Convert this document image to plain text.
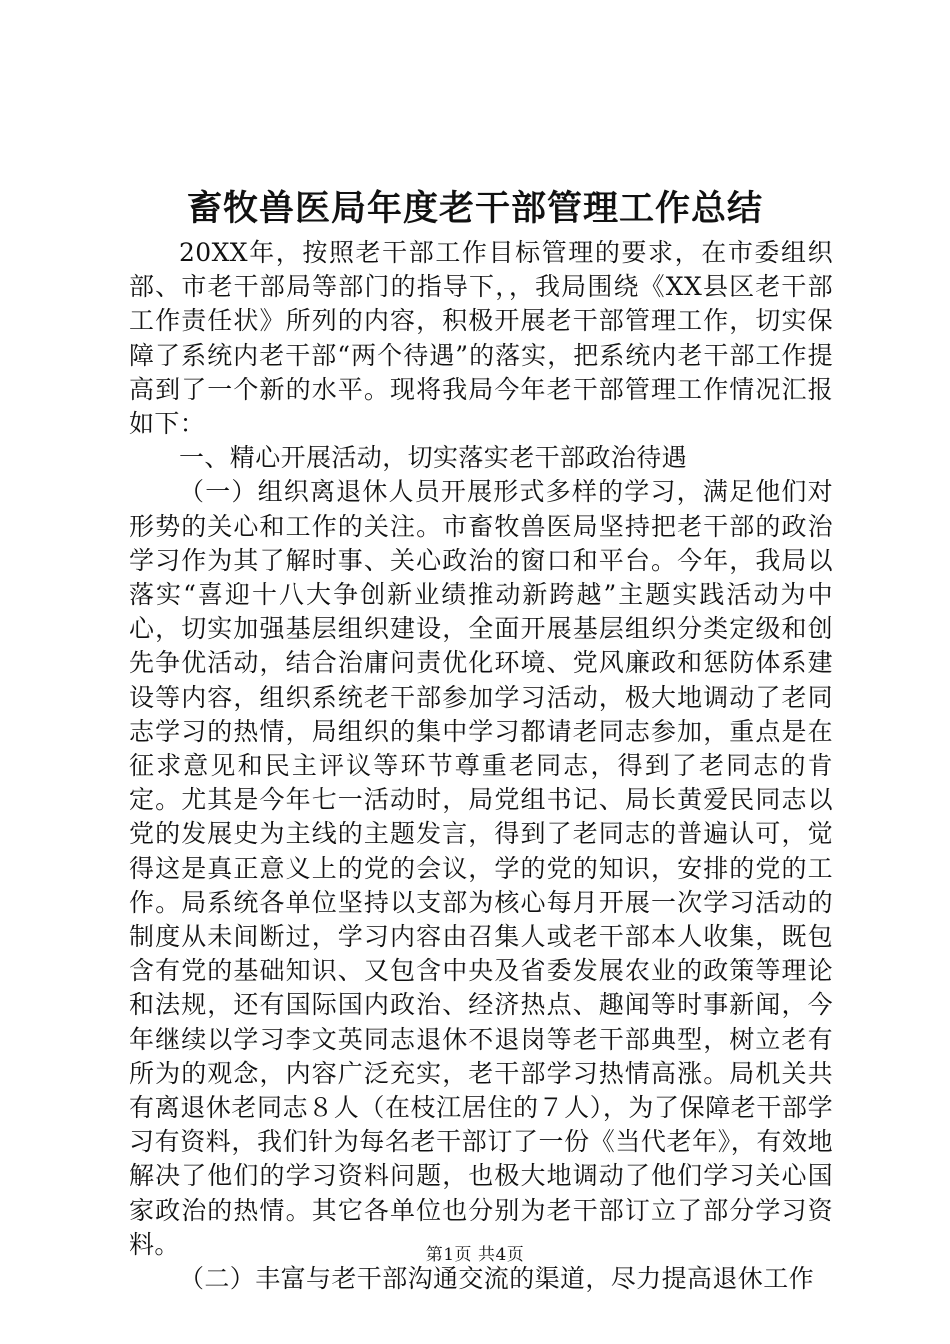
畜牧兽医局年度老干部管理工作总结

20XX年，按照老干部工作目标管理的要求，在市委组织部、市老干部局等部门的指导下，，我局围绕《XX县区老干部工作责任状》所列的内容，积极开展老干部管理工作，切实保障了系统内老干部“两个待遇”的落实，把系统内老干部工作提高到了一个新的水平。现将我局今年老干部管理工作情况汇报如下：

一、精心开展活动，切实落实老干部政治待遇

（一）组织离退休人员开展形式多样的学习，满足他们对形势的关心和工作的关注。市畜牧兽医局坚持把老干部的政治学习作为其了解时事、关心政治的窗口和平台。今年，我局以落实“喜迎十八大争创新业绩推动新跨越”主题实践活动为中心，切实加强基层组织建设，全面开展基层组织分类定级和创先争优活动，结合治庸问责优化环境、党风廉政和惩防体系建设等内容，组织系统老干部参加学习活动，极大地调动了老同志学习的热情，局组织的集中学习都请老同志参加，重点是在征求意见和民主评议等环节尊重老同志，得到了老同志的肯定。尤其是今年七一活动时，局党组书记、局长黄爱民同志以党的发展史为主线的主题发言，得到了老同志的普遍认可，觉得这是真正意义上的党的会议，学的党的知识，安排的党的工作。局系统各单位坚持以支部为核心每月开展一次学习活动的制度从未间断过，学习内容由召集人或老干部本人收集，既包含有党的基础知识、又包含中央及省委发展农业的政策等理论和法规，还有国际国内政治、经济热点、趣闻等时事新闻，今年继续以学习李文英同志退休不退岗等老干部典型，树立老有所为的观念，内容广泛充实，老干部学习热情高涨。局机关共有离退休老同志８人（在枝江居住的７人），为了保障老干部学习有资料，我们针为每名老干部订了一份《当代老年》，有效地解决了他们的学习资料问题，也极大地调动了他们学习关心国家政治的热情。其它各单位也分别为老干部订立了部分学习资料。

（二）丰富与老干部沟通交流的渠道，尽力提高退休工作

第1页 共4页
